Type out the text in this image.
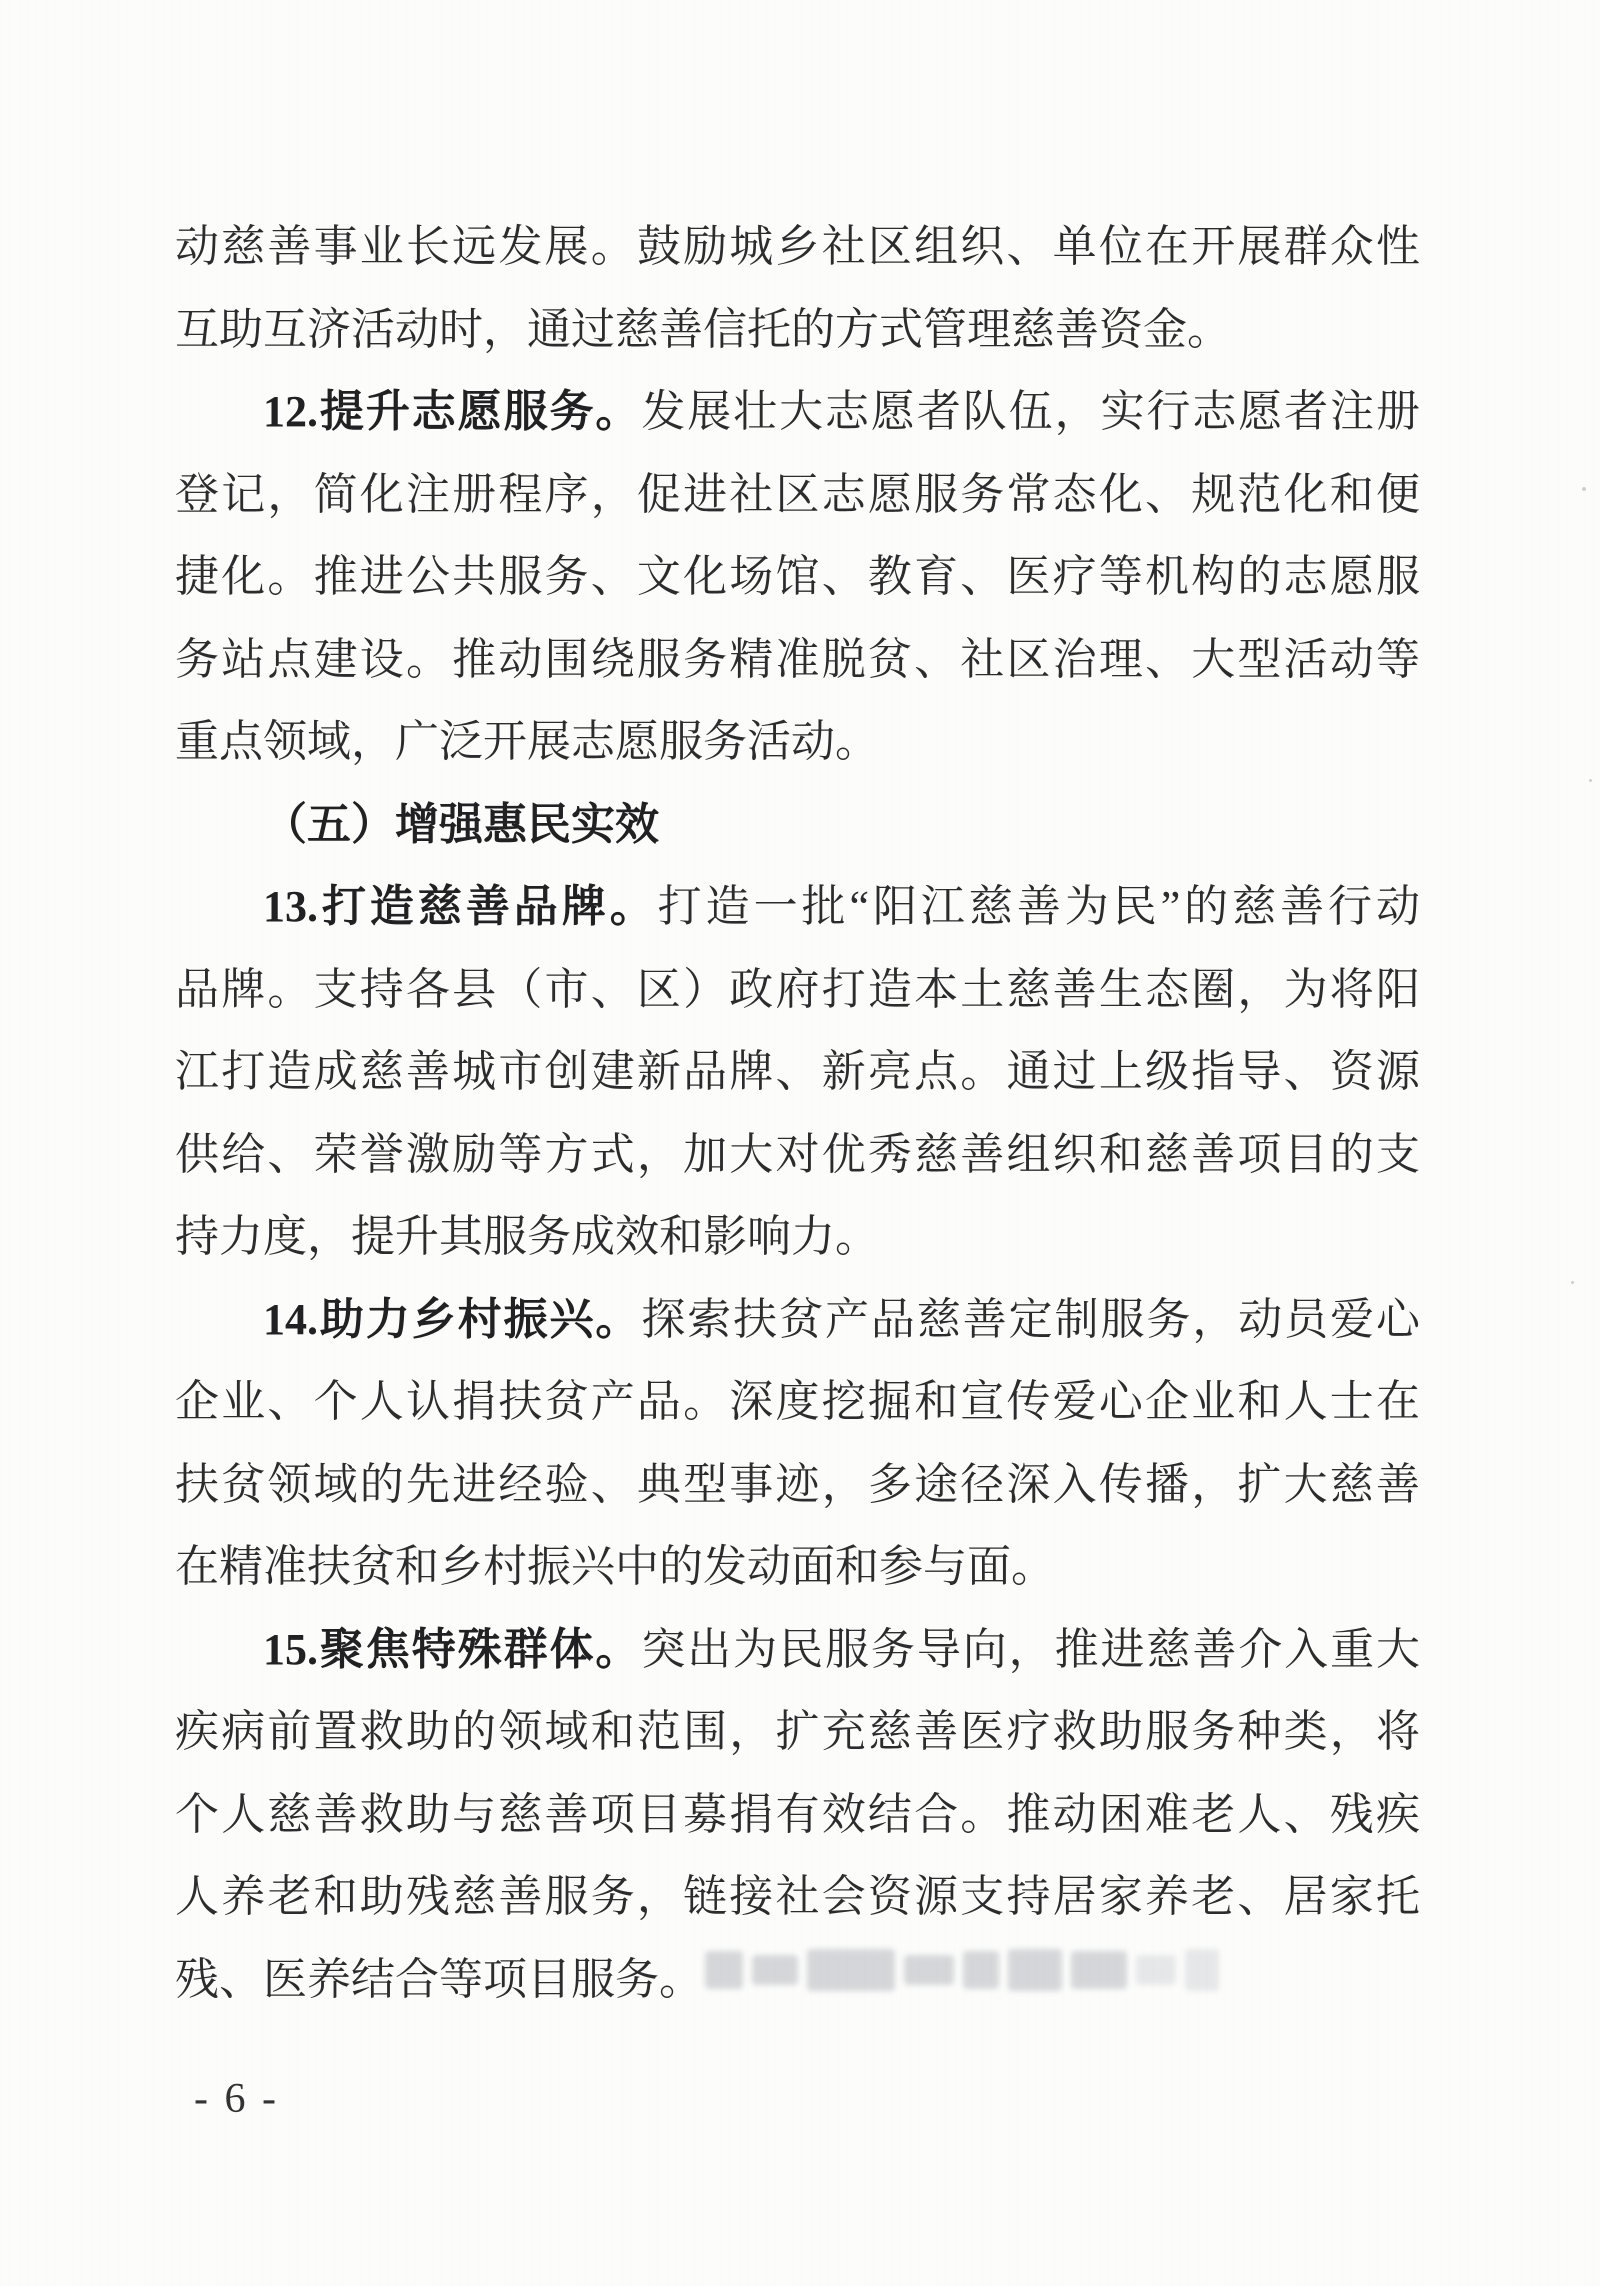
动慈善事业长远发展。鼓励城乡社区组织、单位在开展群众性
互助互济活动时，通过慈善信托的方式管理慈善资金。
12.提升志愿服务。发展壮大志愿者队伍，实行志愿者注册
登记，简化注册程序，促进社区志愿服务常态化、规范化和便
捷化。推进公共服务、文化场馆、教育、医疗等机构的志愿服
务站点建设。推动围绕服务精准脱贫、社区治理、大型活动等
重点领域，广泛开展志愿服务活动。
（五）增强惠民实效
13.打造慈善品牌。打造一批“阳江慈善为民”的慈善行动
品牌。支持各县（市、区）政府打造本土慈善生态圈，为将阳
江打造成慈善城市创建新品牌、新亮点。通过上级指导、资源
供给、荣誉激励等方式，加大对优秀慈善组织和慈善项目的支
持力度，提升其服务成效和影响力。
14.助力乡村振兴。探索扶贫产品慈善定制服务，动员爱心
企业、个人认捐扶贫产品。深度挖掘和宣传爱心企业和人士在
扶贫领域的先进经验、典型事迹，多途径深入传播，扩大慈善
在精准扶贫和乡村振兴中的发动面和参与面。
15.聚焦特殊群体。突出为民服务导向，推进慈善介入重大
疾病前置救助的领域和范围，扩充慈善医疗救助服务种类，将
个人慈善救助与慈善项目募捐有效结合。推动困难老人、残疾
人养老和助残慈善服务，链接社会资源支持居家养老、居家托
残、医养结合等项目服务。
- 6 -
